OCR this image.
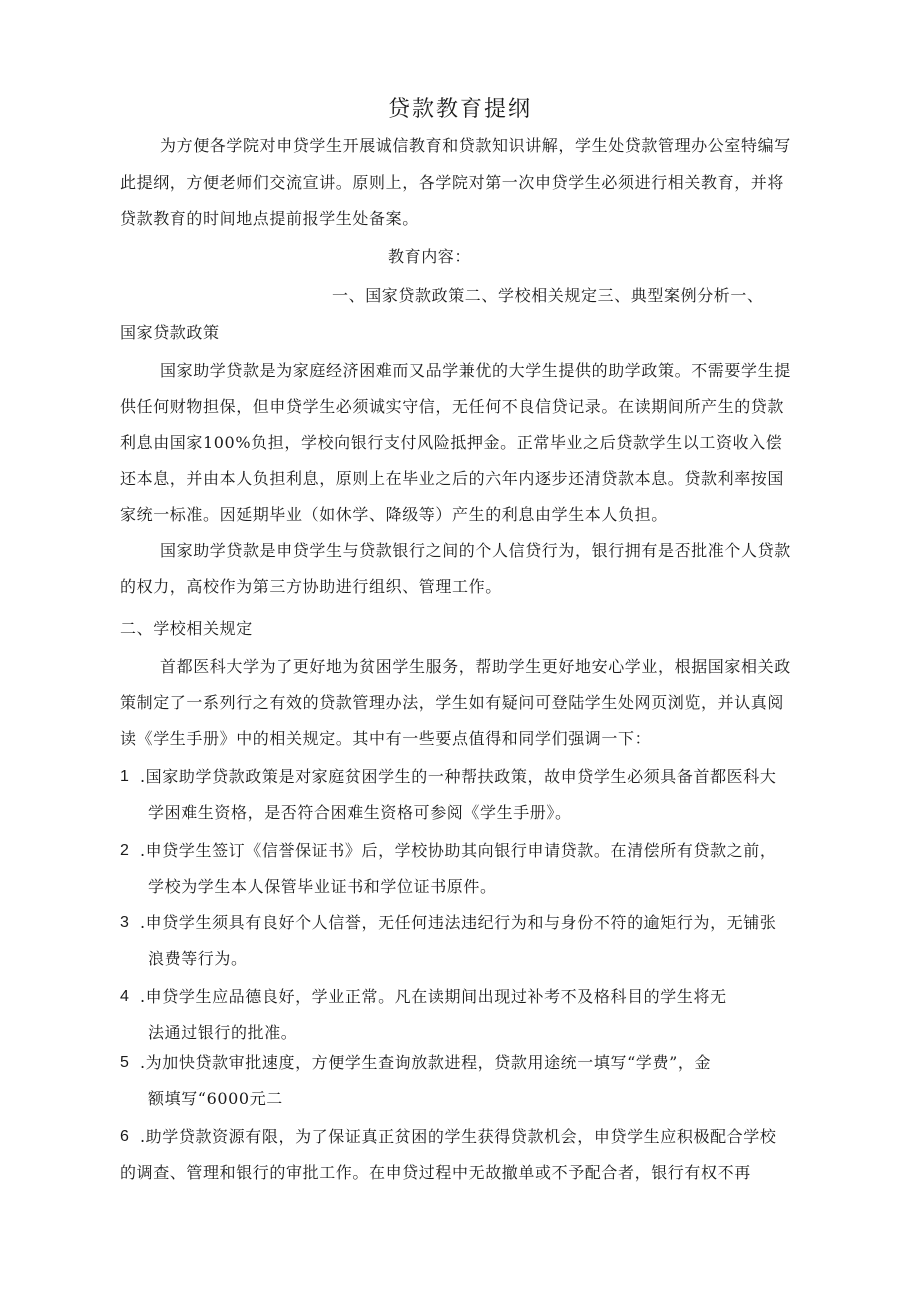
贷款教育提纲
为方便各学院对申贷学生开展诚信教育和贷款知识讲解，学生处贷款管理办公室特编写
此提纲，方便老师们交流宣讲。原则上，各学院对第一次申贷学生必须进行相关教育，并将
贷款教育的时间地点提前报学生处备案。
教育内容：
一、国家贷款政策二、学校相关规定三、典型案例分析一、
国家贷款政策
国家助学贷款是为家庭经济困难而又品学兼优的大学生提供的助学政策。不需要学生提
供任何财物担保，但申贷学生必须诚实守信，无任何不良信贷记录。在读期间所产生的贷款
利息由国家100%负担，学校向银行支付风险抵押金。正常毕业之后贷款学生以工资收入偿
还本息，并由本人负担利息，原则上在毕业之后的六年内逐步还清贷款本息。贷款利率按国
家统一标准。因延期毕业（如休学、降级等）产生的利息由学生本人负担。
国家助学贷款是申贷学生与贷款银行之间的个人信贷行为，银行拥有是否批准个人贷款
的权力，高校作为第三方协助进行组织、管理工作。
二、学校相关规定
首都医科大学为了更好地为贫困学生服务，帮助学生更好地安心学业，根据国家相关政
策制定了一系列行之有效的贷款管理办法，学生如有疑问可登陆学生处网页浏览，并认真阅
读《学生手册》中的相关规定。其中有一些要点值得和同学们强调一下：
1 .国家助学贷款政策是对家庭贫困学生的一种帮扶政策，故申贷学生必须具备首都医科大
学困难生资格，是否符合困难生资格可参阅《学生手册》。
2 .申贷学生签订《信誉保证书》后，学校协助其向银行申请贷款。在清偿所有贷款之前，
学校为学生本人保管毕业证书和学位证书原件。
3 .申贷学生须具有良好个人信誉，无任何违法违纪行为和与身份不符的逾矩行为，无铺张
浪费等行为。
4 .申贷学生应品德良好，学业正常。凡在读期间出现过补考不及格科目的学生将无
法通过银行的批准。
5 .为加快贷款审批速度，方便学生查询放款进程，贷款用途统一填写“学费”，金
额填写“6000元二
6 .助学贷款资源有限，为了保证真正贫困的学生获得贷款机会，申贷学生应积极配合学校
的调查、管理和银行的审批工作。在申贷过程中无故撤单或不予配合者，银行有权不再
